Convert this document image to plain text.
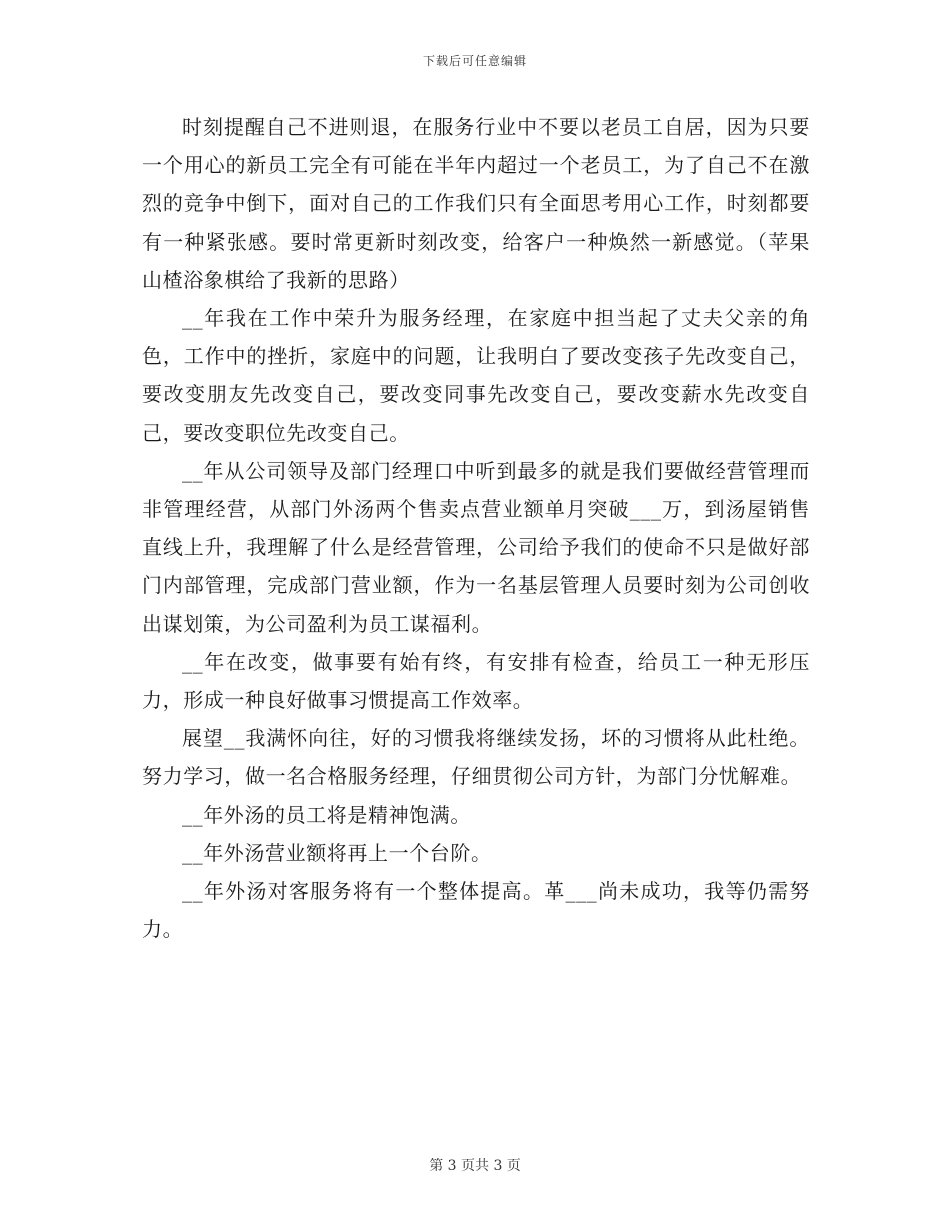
下载后可任意编辑

时刻提醒自己不进则退，在服务行业中不要以老员工自居，因为只要一个用心的新员工完全有可能在半年内超过一个老员工，为了自己不在激烈的竞争中倒下，面对自己的工作我们只有全面思考用心工作，时刻都要有一种紧张感。要时常更新时刻改变，给客户一种焕然一新感觉。（苹果山楂浴象棋给了我新的思路）

__年我在工作中荣升为服务经理，在家庭中担当起了丈夫父亲的角色，工作中的挫折，家庭中的问题，让我明白了要改变孩子先改变自己，要改变朋友先改变自己，要改变同事先改变自己，要改变薪水先改变自己，要改变职位先改变自己。

__年从公司领导及部门经理口中听到最多的就是我们要做经营管理而非管理经营，从部门外汤两个售卖点营业额单月突破___万，到汤屋销售直线上升，我理解了什么是经营管理，公司给予我们的使命不只是做好部门内部管理，完成部门营业额，作为一名基层管理人员要时刻为公司创收出谋划策，为公司盈利为员工谋福利。

__年在改变，做事要有始有终，有安排有检查，给员工一种无形压力，形成一种良好做事习惯提高工作效率。

展望__我满怀向往，好的习惯我将继续发扬，坏的习惯将从此杜绝。努力学习，做一名合格服务经理，仔细贯彻公司方针，为部门分忧解难。

__年外汤的员工将是精神饱满。

__年外汤营业额将再上一个台阶。

__年外汤对客服务将有一个整体提高。革___尚未成功，我等仍需努力。

第 3 页共 3 页
